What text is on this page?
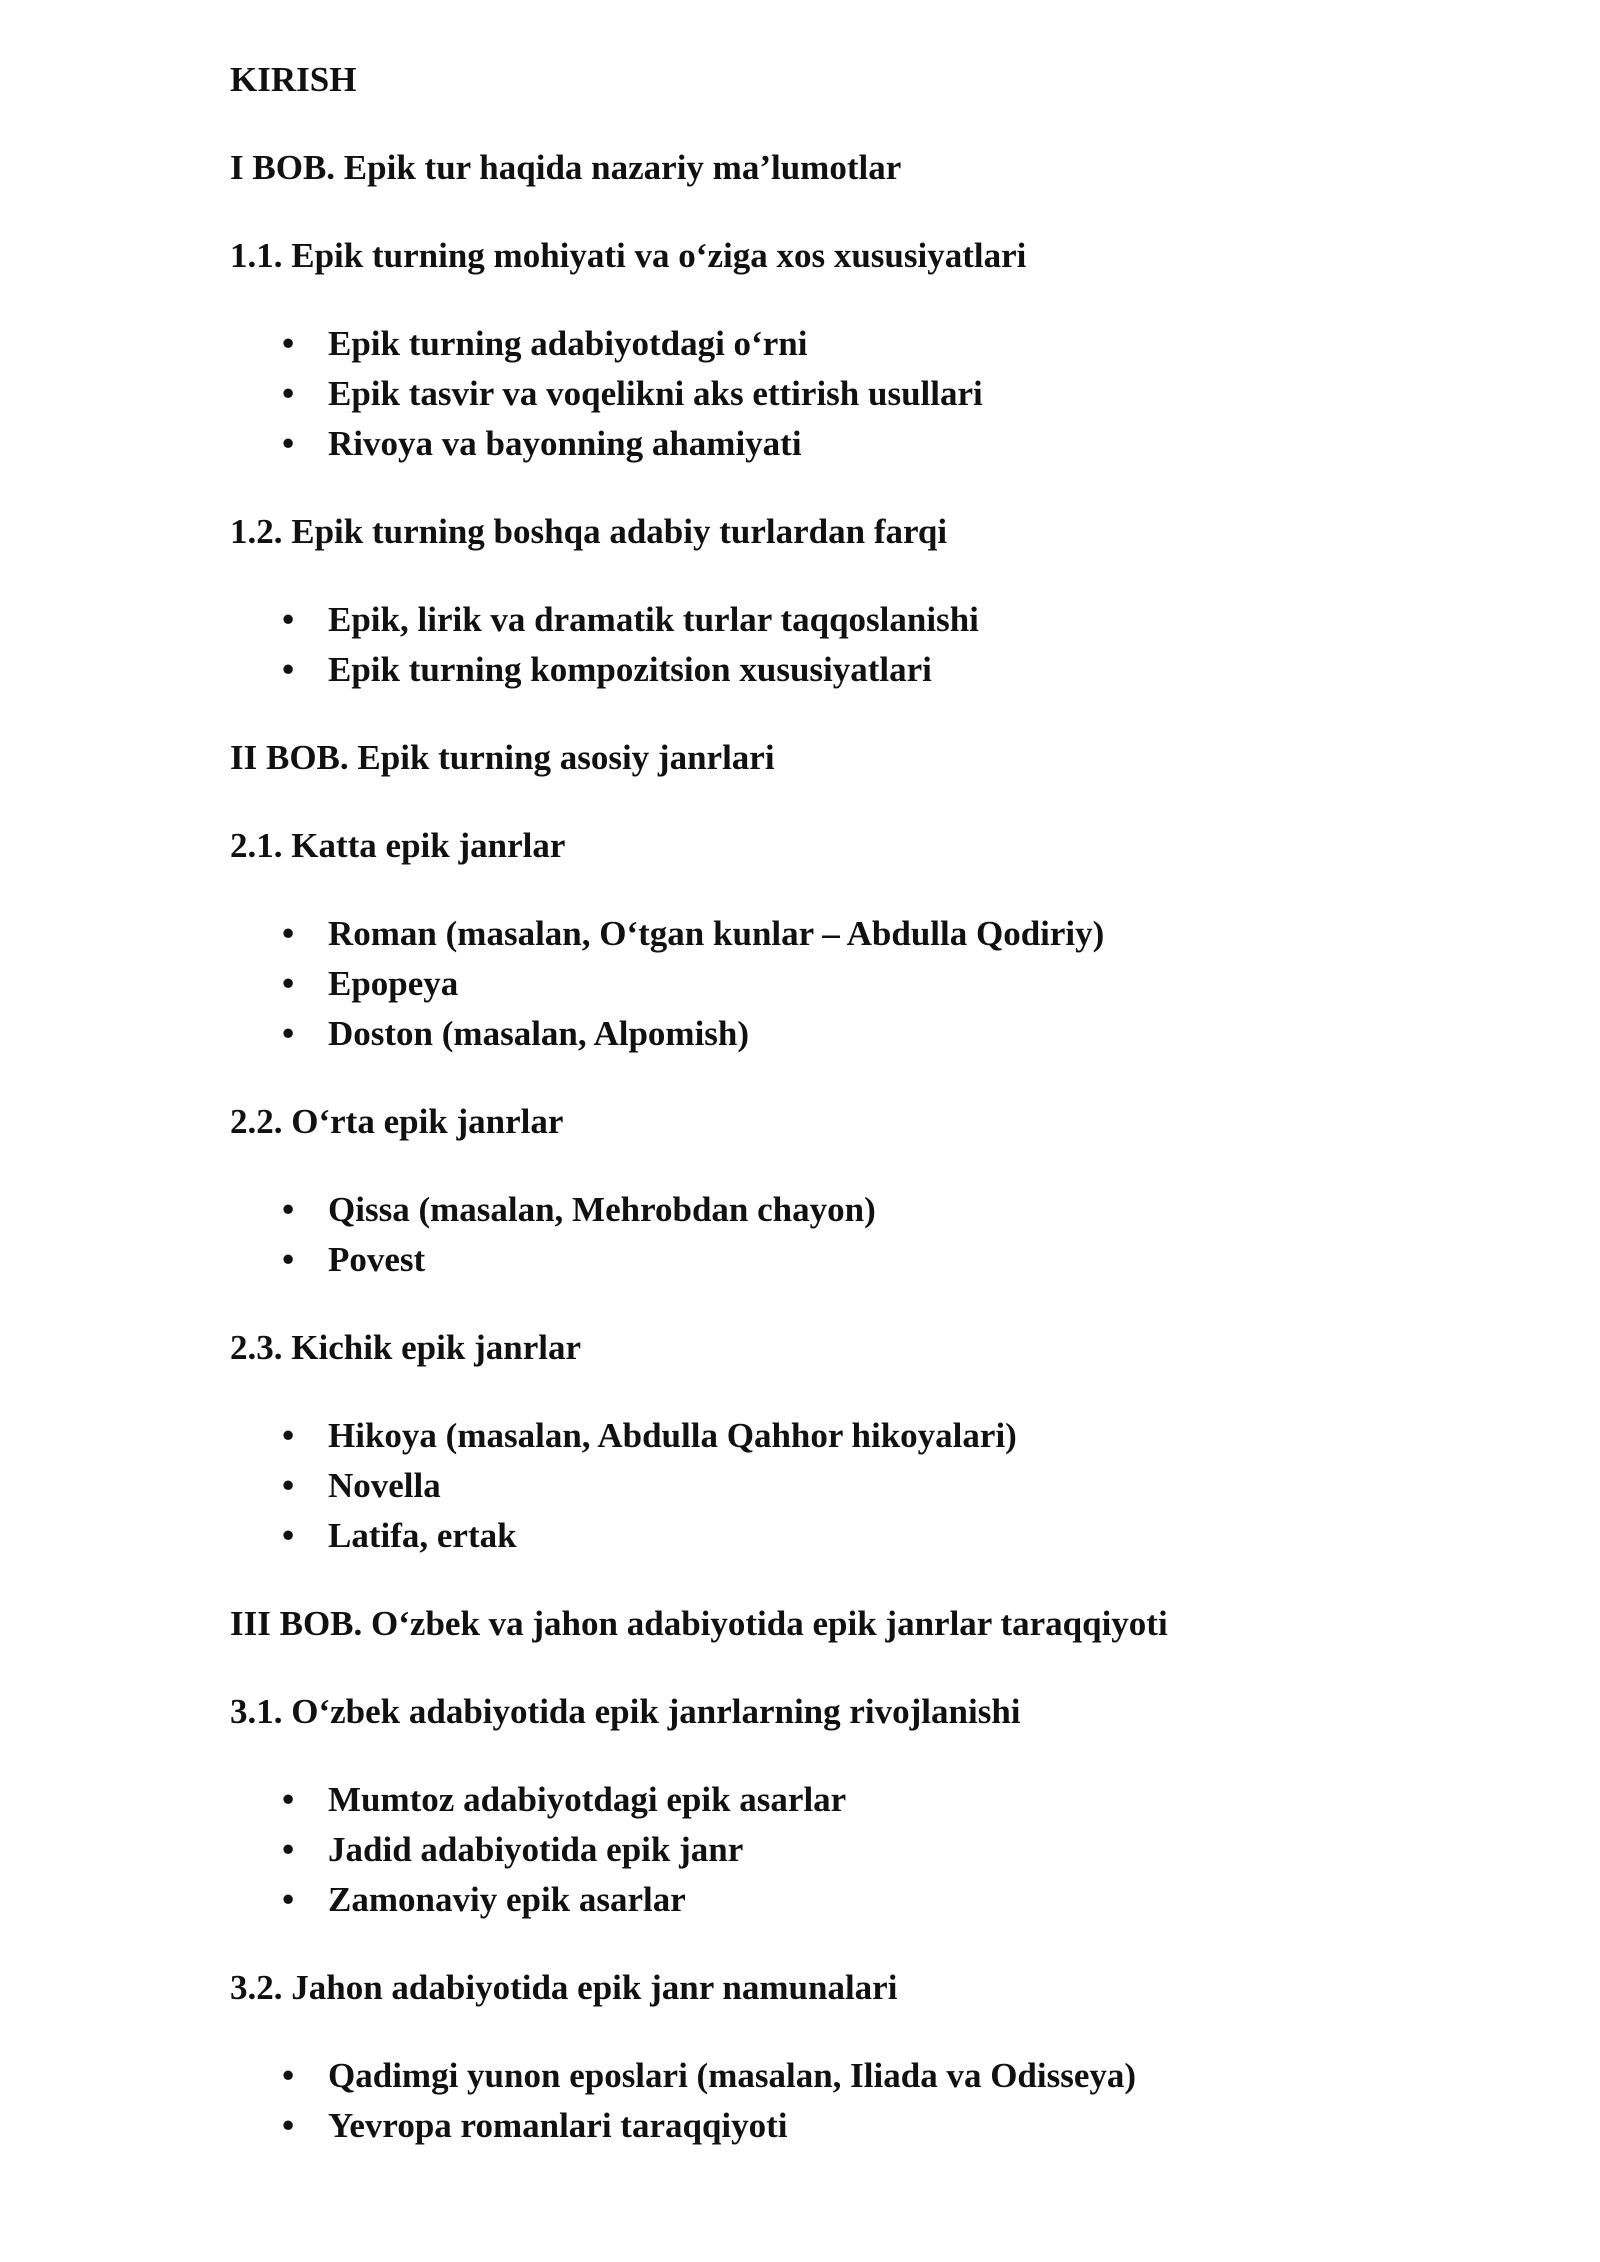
KIRISH
I BOB. Epik tur haqida nazariy ma’lumotlar
1.1. Epik turning mohiyati va o‘ziga xos xususiyatlari
• Epik turning adabiyotdagi o‘rni
• Epik tasvir va voqelikni aks ettirish usullari
• Rivoya va bayonning ahamiyati
1.2. Epik turning boshqa adabiy turlardan farqi
• Epik, lirik va dramatik turlar taqqoslanishi
• Epik turning kompozitsion xususiyatlari
II BOB. Epik turning asosiy janrlari
2.1. Katta epik janrlar
• Roman (masalan, O‘tgan kunlar – Abdulla Qodiriy)
• Epopeya
• Doston (masalan, Alpomish)
2.2. O‘rta epik janrlar
• Qissa (masalan, Mehrobdan chayon)
• Povest
2.3. Kichik epik janrlar
• Hikoya (masalan, Abdulla Qahhor hikoyalari)
• Novella
• Latifa, ertak
III BOB. O‘zbek va jahon adabiyotida epik janrlar taraqqiyoti
3.1. O‘zbek adabiyotida epik janrlarning rivojlanishi
• Mumtoz adabiyotdagi epik asarlar
• Jadid adabiyotida epik janr
• Zamonaviy epik asarlar
3.2. Jahon adabiyotida epik janr namunalari
• Qadimgi yunon eposlari (masalan, Iliada va Odisseya)
• Yevropa romanlari taraqqiyoti
